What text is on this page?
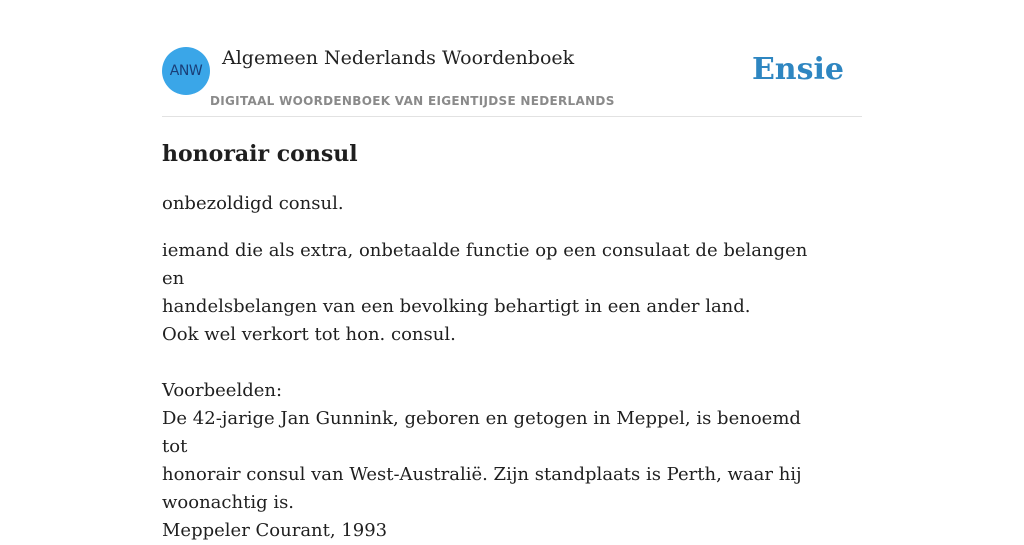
ANW
Algemeen Nederlands Woordenboek
DIGITAAL WOORDENBOEK VAN EIGENTIJDSE NEDERLANDS
Ensie
honorair consul

onbezoldigd consul.

iemand die als extra, onbetaalde functie op een consulaat de belangen en
handelsbelangen van een bevolking behartigt in een ander land.
Ook wel verkort tot hon. consul.
Voorbeelden:
De 42-jarige Jan Gunnink, geboren en getogen in Meppel, is benoemd tot
honorair consul van West-Australië. Zijn standplaats is Perth, waar hij
woonachtig is.
Meppeler Courant, 1993
